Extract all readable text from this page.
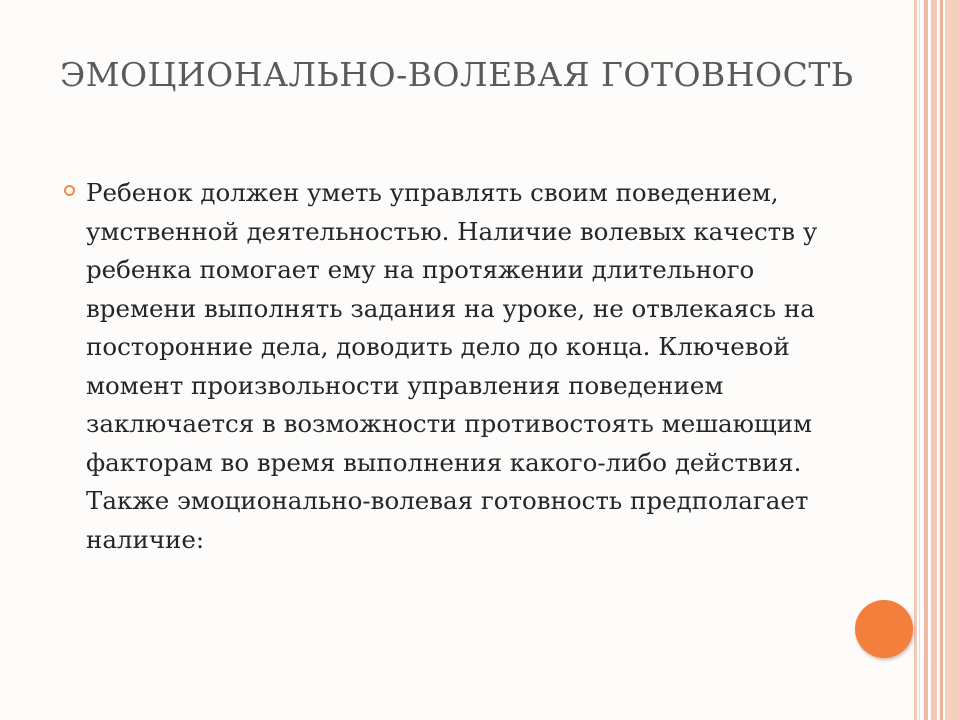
ЭМОЦИОНАЛЬНО-ВОЛЕВАЯ ГОТОВНОСТЬ

Ребенок должен уметь управлять своим поведением, умственной деятельностью. Наличие волевых качеств у ребенка помогает ему на протяжении длительного времени выполнять задания на уроке, не отвлекаясь на посторонние дела, доводить дело до конца. Ключевой момент произвольности управления поведением заключается в возможности противостоять мешающим факторам во время выполнения какого-либо действия. Также эмоционально-волевая готовность предполагает наличие:
